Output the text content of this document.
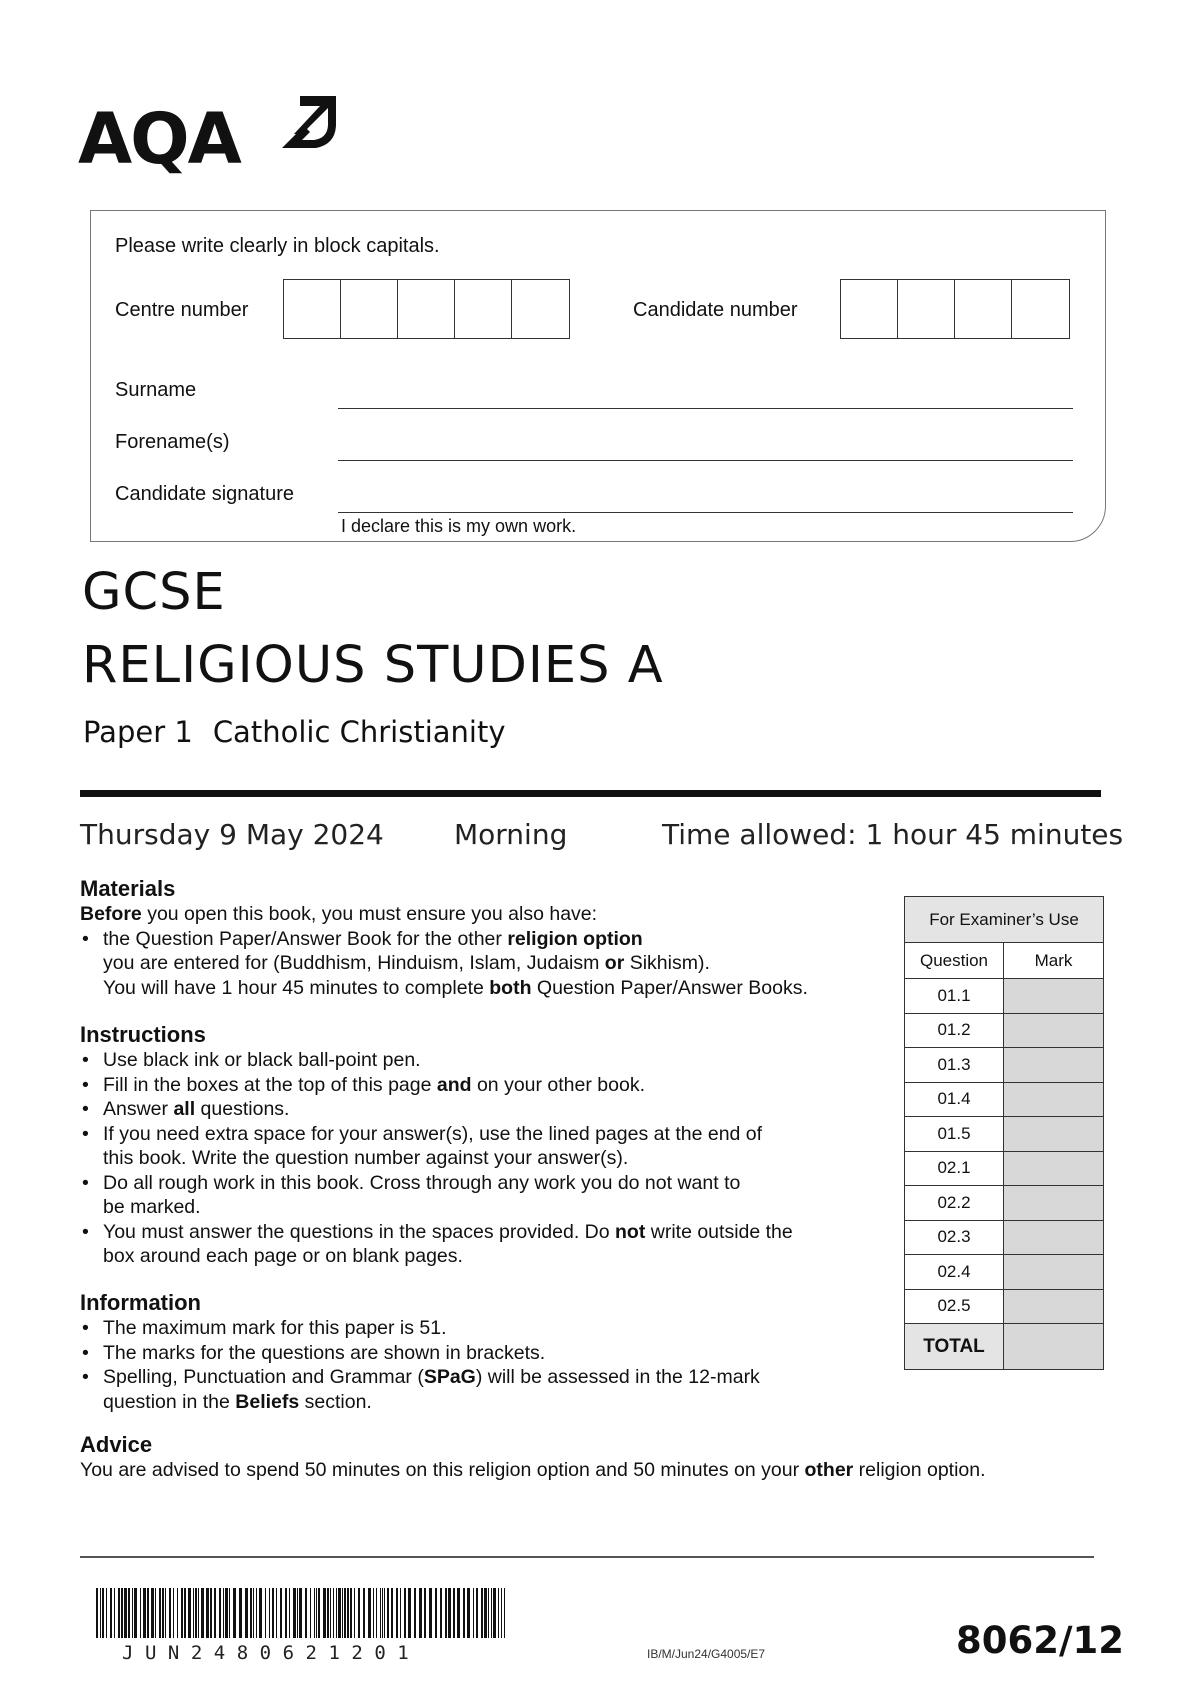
AQA
Please write clearly in block capitals.
Centre number	Candidate number
Surname
Forename(s)
Candidate signature
I declare this is my own work.
GCSE
RELIGIOUS STUDIES A
Paper 1 Catholic Christianity
Thursday 9 May 2024	Morning	Time allowed: 1 hour 45 minutes
Materials
Before you open this book, you must ensure you also have:
• the Question Paper/Answer Book for the other religion option
you are entered for (Buddhism, Hinduism, Islam, Judaism or Sikhism).
You will have 1 hour 45 minutes to complete both Question Paper/Answer Books.
Instructions
• Use black ink or black ball-point pen.
• Fill in the boxes at the top of this page and on your other book.
• Answer all questions.
• If you need extra space for your answer(s), use the lined pages at the end of
this book. Write the question number against your answer(s).
• Do all rough work in this book. Cross through any work you do not want to
be marked.
• You must answer the questions in the spaces provided. Do not write outside the
box around each page or on blank pages.
Information
• The maximum mark for this paper is 51.
• The marks for the questions are shown in brackets.
• Spelling, Punctuation and Grammar (SPaG) will be assessed in the 12-mark
question in the Beliefs section.
Advice
You are advised to spend 50 minutes on this religion option and 50 minutes on your other religion option.
For Examiner’s Use	
Question	Mark
01.1	
01.2	
01.3	
01.4	
01.5	
02.1	
02.2	
02.3	
02.4	
02.5	
TOTAL	
JUN2480621201	IB/M/Jun24/G4005/E7	8062/12
